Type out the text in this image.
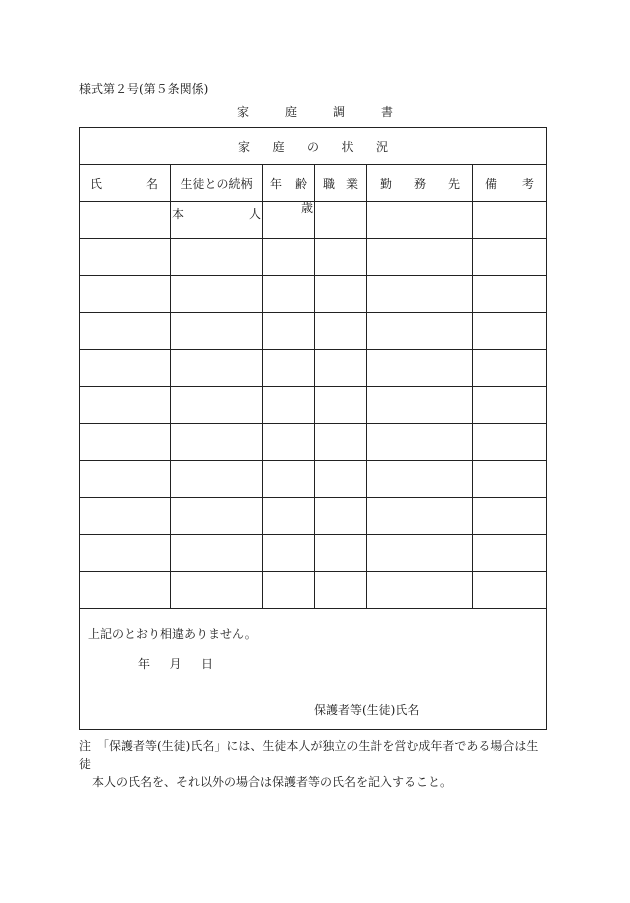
様式第２号(第５条関係)
家	庭	調	書
家 庭 の 状 況					

氏 名	生徒との続柄	年 齢	職 業	勤 務 先	備 考

	本 人	歳			

上記のとおり相違ありません。
年 月 日
保護者等(生徒)氏名					
注　「保護者等(生徒)氏名」には、生徒本人が独立の生計を営む成年者である場合は生徒
本人の氏名を、それ以外の場合は保護者等の氏名を記入すること。
